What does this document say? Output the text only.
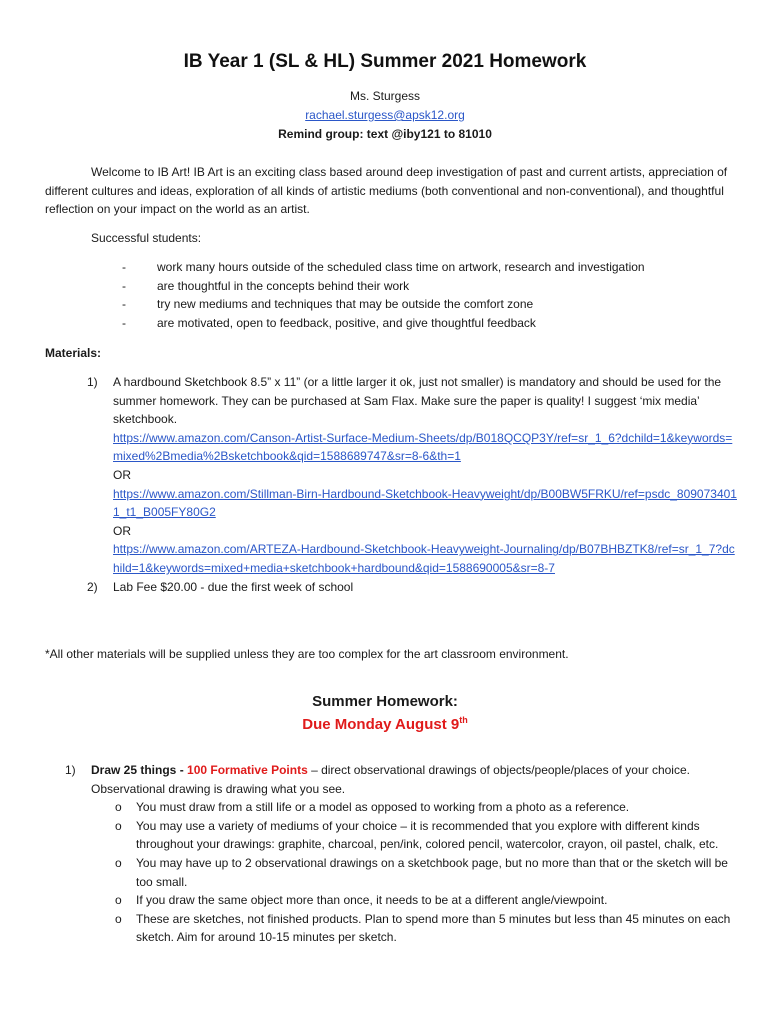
IB Year 1 (SL & HL) Summer 2021 Homework
Ms. Sturgess
rachael.sturgess@apsk12.org
Remind group: text @iby121 to 81010
Welcome to IB Art! IB Art is an exciting class based around deep investigation of past and current artists, appreciation of different cultures and ideas, exploration of all kinds of artistic mediums (both conventional and non-conventional), and thoughtful reflection on your impact on the world as an artist.
Successful students:
-	work many hours outside of the scheduled class time on artwork, research and investigation
-	are thoughtful in the concepts behind their work
-	try new mediums and techniques that may be outside the comfort zone
-	are motivated, open to feedback, positive, and give thoughtful feedback
Materials:
1) A hardbound Sketchbook 8.5” x 11” (or a little larger it ok, just not smaller) is mandatory and should be used for the summer homework. They can be purchased at Sam Flax. Make sure the paper is quality! I suggest ‘mix media’ sketchbook.
https://www.amazon.com/Canson-Artist-Surface-Medium-Sheets/dp/B018QCQP3Y/ref=sr_1_6?dchild=1&keywords=mixed%2Bmedia%2Bsketchbook&qid=1588689747&sr=8-6&th=1
OR
https://www.amazon.com/Stillman-Birn-Hardbound-Sketchbook-Heavyweight/dp/B00BW5FRKU/ref=psdc_8090734011_t1_B005FY80G2
OR
https://www.amazon.com/ARTEZA-Hardbound-Sketchbook-Heavyweight-Journaling/dp/B07BHBZTK8/ref=sr_1_7?dchild=1&keywords=mixed+media+sketchbook+hardbound&qid=1588690005&sr=8-7
2) Lab Fee $20.00 - due the first week of school
*All other materials will be supplied unless they are too complex for the art classroom environment.
Summer Homework:
Due Monday August 9th
1) Draw 25 things - 100 Formative Points – direct observational drawings of objects/people/places of your choice. Observational drawing is drawing what you see.
o You must draw from a still life or a model as opposed to working from a photo as a reference.
o You may use a variety of mediums of your choice – it is recommended that you explore with different kinds throughout your drawings: graphite, charcoal, pen/ink, colored pencil, watercolor, crayon, oil pastel, chalk, etc.
o You may have up to 2 observational drawings on a sketchbook page, but no more than that or the sketch will be too small.
o If you draw the same object more than once, it needs to be at a different angle/viewpoint.
o These are sketches, not finished products. Plan to spend more than 5 minutes but less than 45 minutes on each sketch. Aim for around 10-15 minutes per sketch.
